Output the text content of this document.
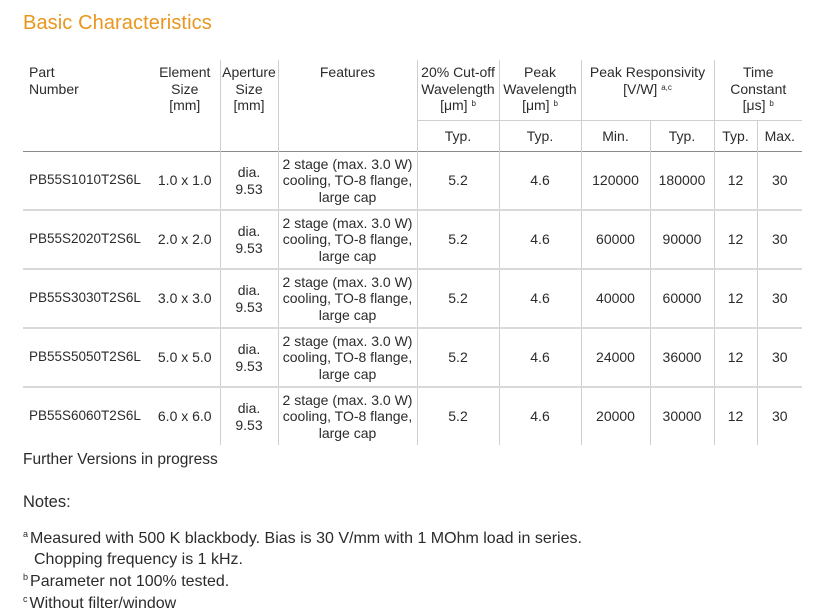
Basic Characteristics
Part
Number	Element
Size
[mm]	Aperture
Size
[mm]	Features	20% Cut-off
Wavelength
[μm] $^b$	Peak
Wavelength
[μm] $^b$	Peak Responsivity
[V/W] $^{a,c}$		Time
Constant
[μs] $^b$
				Typ.	Typ.	Min.	Typ.	Typ.	Max.
PB55S1010T2S6L	1.0 x 1.0	dia.
9.53	2 stage (max. 3.0 W)
cooling, TO-8 flange,
large cap	5.2	4.6	120000	180000	12	30
PB55S2020T2S6L	2.0 x 2.0	dia.
9.53	2 stage (max. 3.0 W)
cooling, TO-8 flange,
large cap	5.2	4.6	60000	90000	12	30
PB55S3030T2S6L	3.0 x 3.0	dia.
9.53	2 stage (max. 3.0 W)
cooling, TO-8 flange,
large cap	5.2	4.6	40000	60000	12	30
PB55S5050T2S6L	5.0 x 5.0	dia.
9.53	2 stage (max. 3.0 W)
cooling, TO-8 flange,
large cap	5.2	4.6	24000	36000	12	30
PB55S6060T2S6L	6.0 x 6.0	dia.
9.53	2 stage (max. 3.0 W)
cooling, TO-8 flange,
large cap	5.2	4.6	20000	30000	12	30
Further Versions in progress
Notes:
$^a$ Measured with 500 K blackbody. Bias is 30 V/mm with 1 MOhm load in series.
Chopping frequency is 1 kHz.
$^b$ Parameter not 100% tested.
$^c$ Without filter/window
